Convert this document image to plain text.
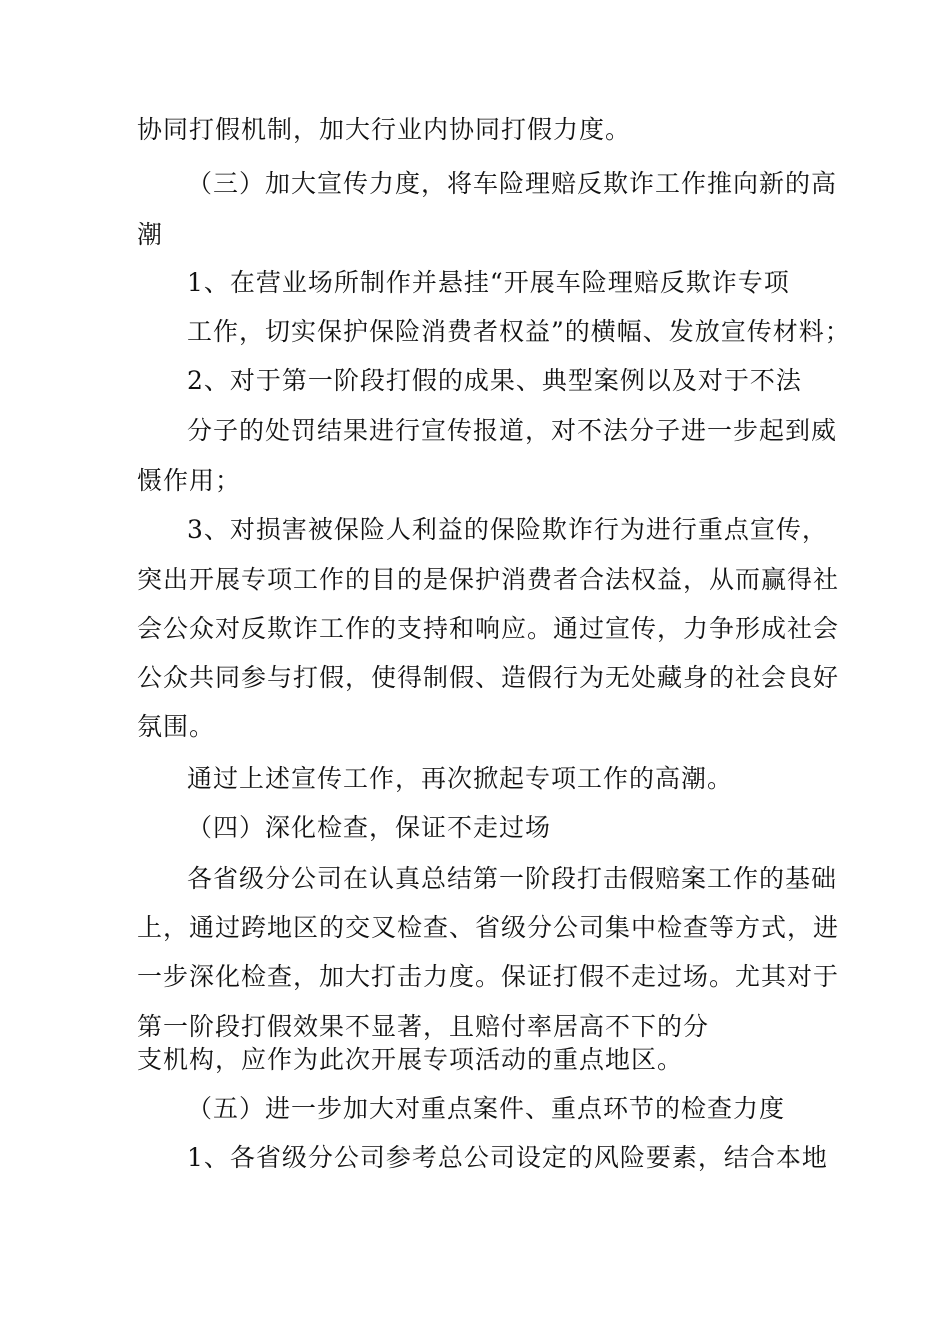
协同打假机制，加大行业内协同打假力度。
（三）加大宣传力度，将车险理赔反欺诈工作推向新的高
潮
1、在营业场所制作并悬挂“开展车险理赔反欺诈专项
工作，切实保护保险消费者权益”的横幅、发放宣传材料；
2、对于第一阶段打假的成果、典型案例以及对于不法
分子的处罚结果进行宣传报道，对不法分子进一步起到威
慑作用；
3、对损害被保险人利益的保险欺诈行为进行重点宣传，
突出开展专项工作的目的是保护消费者合法权益，从而赢得社
会公众对反欺诈工作的支持和响应。通过宣传，力争形成社会
公众共同参与打假，使得制假、造假行为无处藏身的社会良好
氛围。
通过上述宣传工作，再次掀起专项工作的高潮。
（四）深化检查，保证不走过场
各省级分公司在认真总结第一阶段打击假赔案工作的基础
上，通过跨地区的交叉检查、省级分公司集中检查等方式，进
一步深化检查，加大打击力度。保证打假不走过场。尤其对于
第一阶段打假效果不显著，且赔付率居高不下的分
支机构，应作为此次开展专项活动的重点地区。
（五）进一步加大对重点案件、重点环节的检查力度
1、各省级分公司参考总公司设定的风险要素，结合本地
